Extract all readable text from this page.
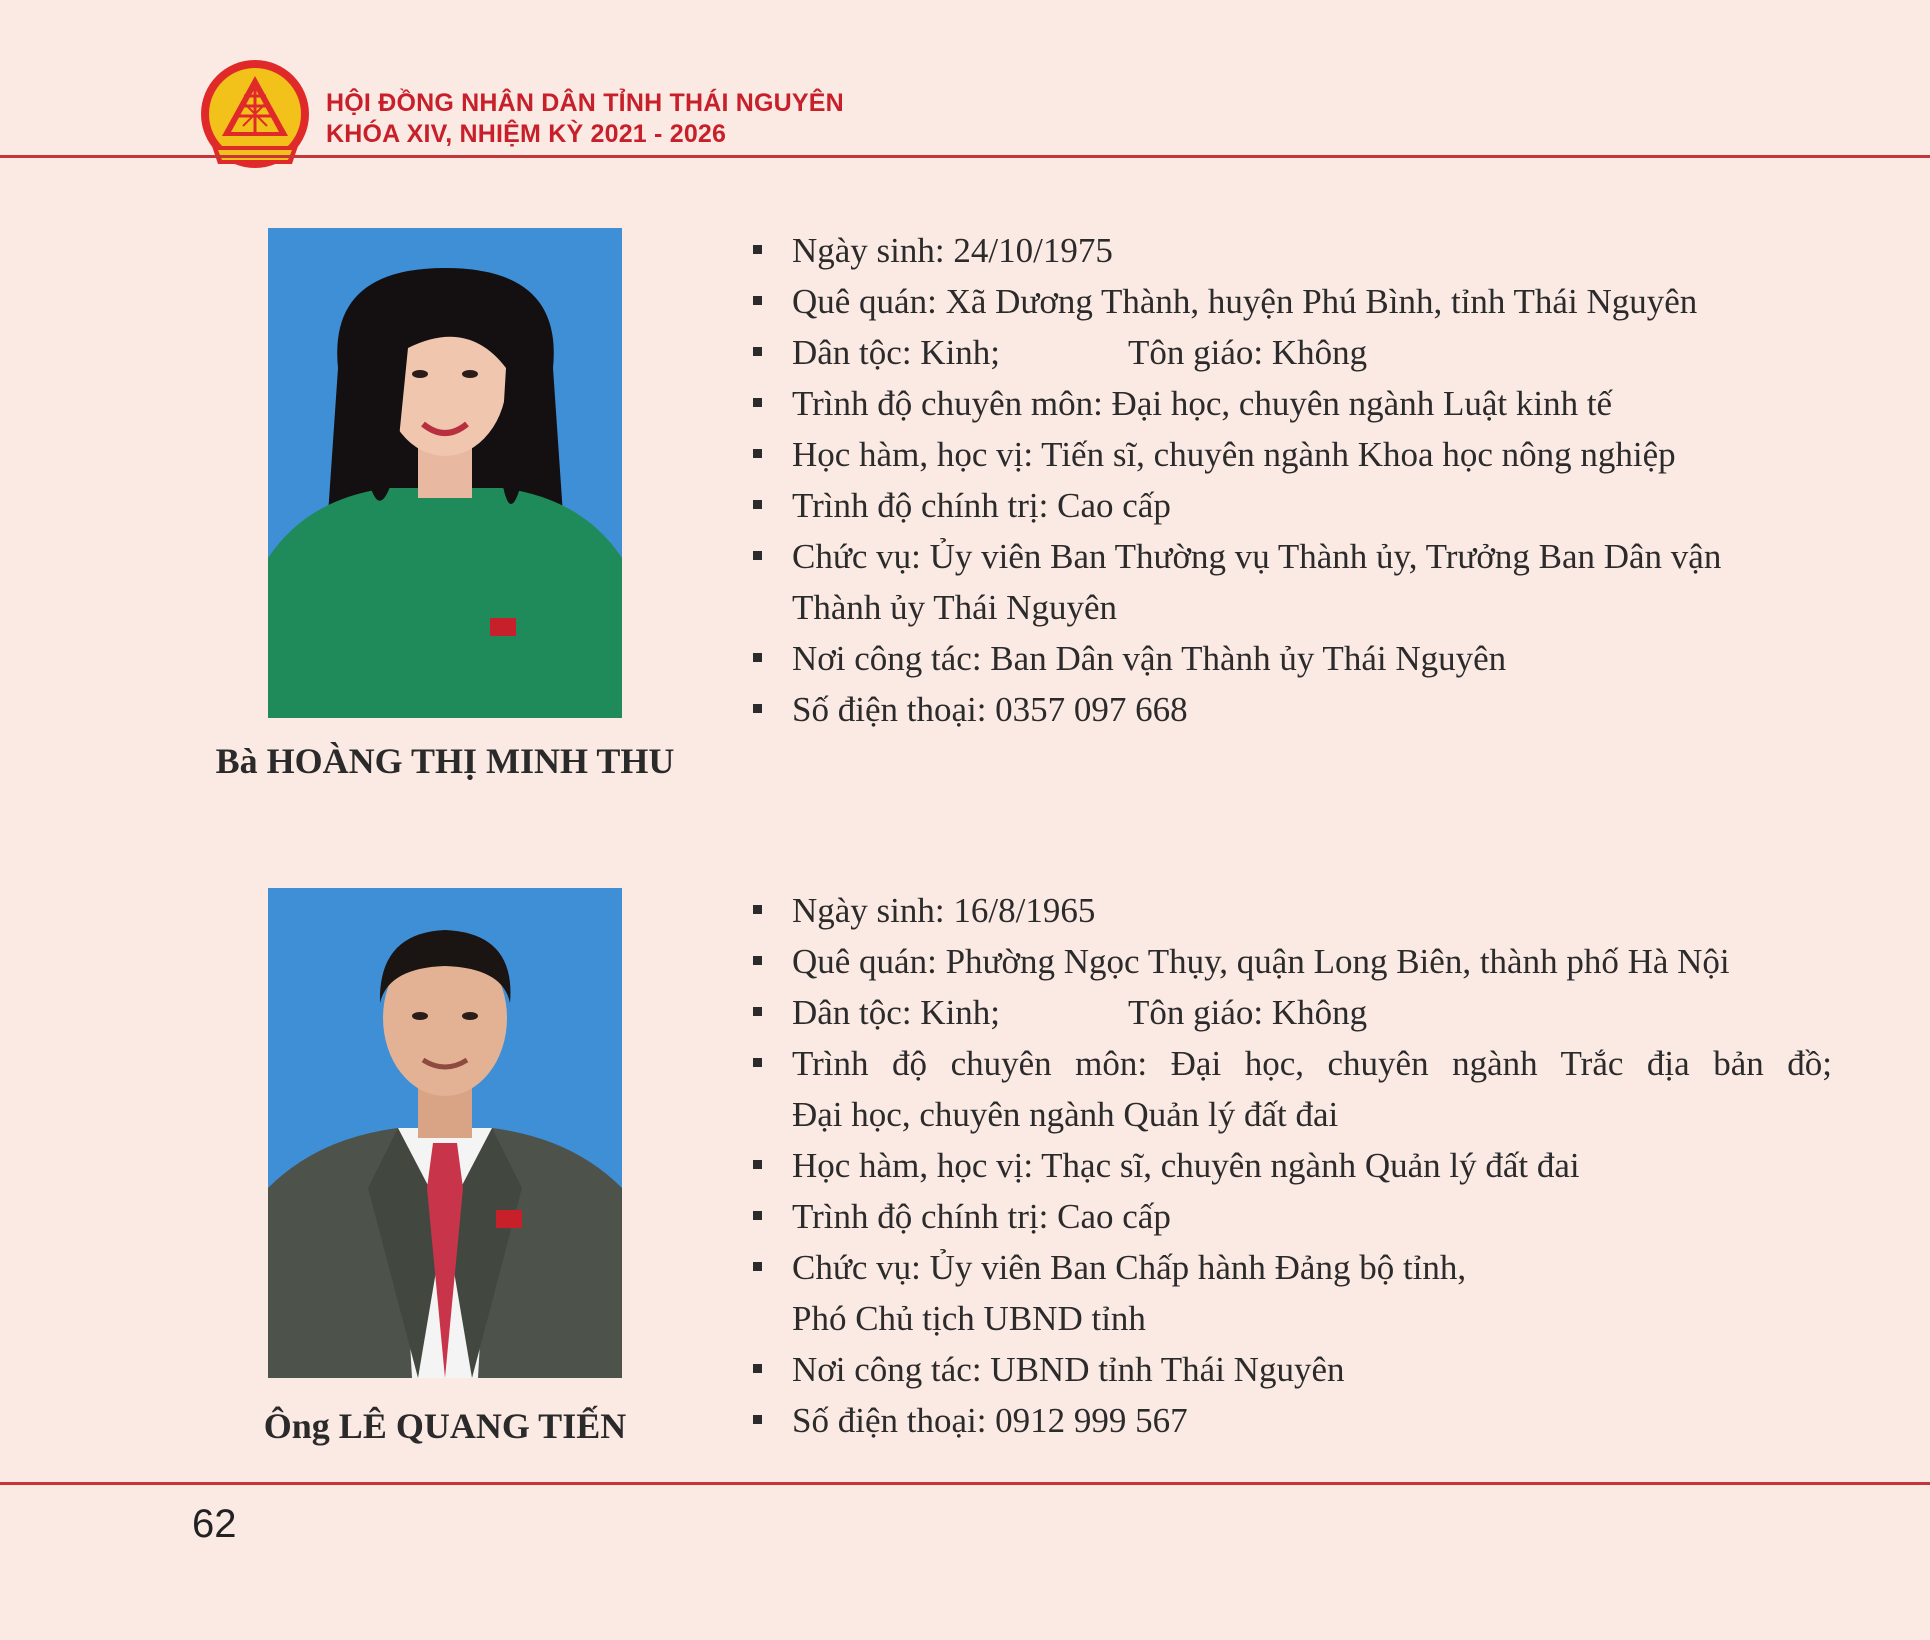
HỘI ĐỒNG NHÂN DÂN TỈNH THÁI NGUYÊN
KHÓA XIV, NHIỆM KỲ 2021 - 2026
Bà HOÀNG THỊ MINH THU
Ngày sinh: 24/10/1975
Quê quán: Xã Dương Thành, huyện Phú Bình, tỉnh Thái Nguyên
Dân tộc: Kinh;	Tôn giáo: Không
Trình độ chuyên môn: Đại học, chuyên ngành Luật kinh tế
Học hàm, học vị: Tiến sĩ, chuyên ngành Khoa học nông nghiệp
Trình độ chính trị: Cao cấp
Chức vụ: Ủy viên Ban Thường vụ Thành ủy, Trưởng Ban Dân vận
Thành ủy Thái Nguyên
Nơi công tác: Ban Dân vận Thành ủy Thái Nguyên
Số điện thoại: 0357 097 668
Ông LÊ QUANG TIẾN
Ngày sinh: 16/8/1965
Quê quán: Phường Ngọc Thụy, quận Long Biên, thành phố Hà Nội
Dân tộc: Kinh;	Tôn giáo: Không
Trình độ chuyên môn: Đại học, chuyên ngành Trắc địa bản đồ;
Đại học, chuyên ngành Quản lý đất đai
Học hàm, học vị: Thạc sĩ, chuyên ngành Quản lý đất đai
Trình độ chính trị: Cao cấp
Chức vụ: Ủy viên Ban Chấp hành Đảng bộ tỉnh,
Phó Chủ tịch UBND tỉnh
Nơi công tác: UBND tỉnh Thái Nguyên
Số điện thoại: 0912 999 567
62
